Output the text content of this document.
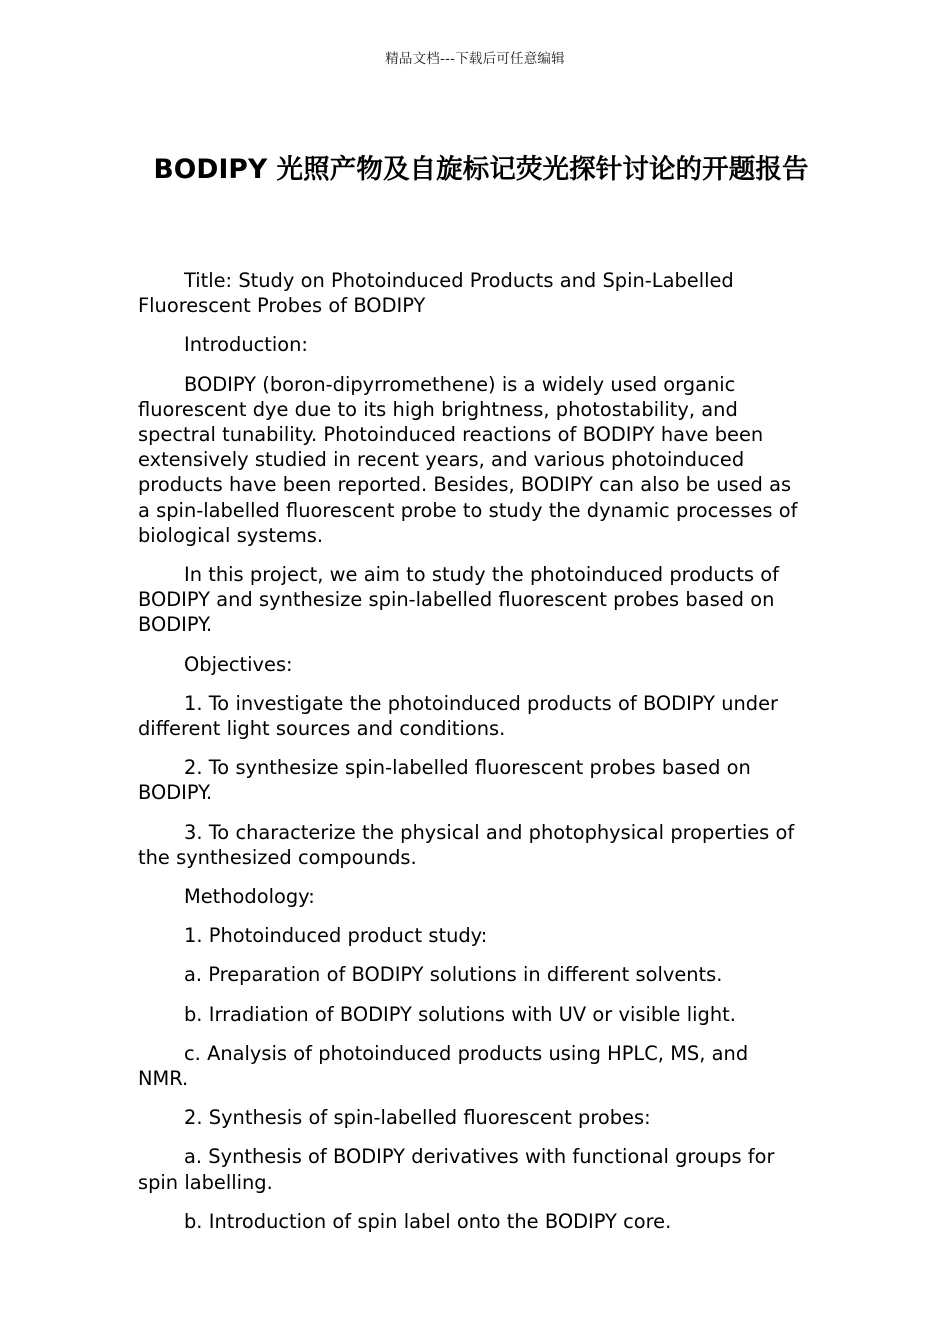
精品文档---下载后可任意编辑
BODIPY 光照产物及自旋标记荧光探针讨论的开题报告

Title: Study on Photoinduced Products and Spin-Labelled Fluorescent Probes of BODIPY

Introduction:

BODIPY (boron-dipyrromethene) is a widely used organic fluorescent dye due to its high brightness, photostability, and spectral tunability. Photoinduced reactions of BODIPY have been extensively studied in recent years, and various photoinduced products have been reported. Besides, BODIPY can also be used as a spin-labelled fluorescent probe to study the dynamic processes of biological systems.

In this project, we aim to study the photoinduced products of BODIPY and synthesize spin-labelled fluorescent probes based on BODIPY.

Objectives:

1. To investigate the photoinduced products of BODIPY under different light sources and conditions.

2. To synthesize spin-labelled fluorescent probes based on BODIPY.

3. To characterize the physical and photophysical properties of the synthesized compounds.

Methodology:

1. Photoinduced product study:

a. Preparation of BODIPY solutions in different solvents.

b. Irradiation of BODIPY solutions with UV or visible light.

c. Analysis of photoinduced products using HPLC, MS, and NMR.

2. Synthesis of spin-labelled fluorescent probes:

a. Synthesis of BODIPY derivatives with functional groups for spin labelling.

b. Introduction of spin label onto the BODIPY core.
